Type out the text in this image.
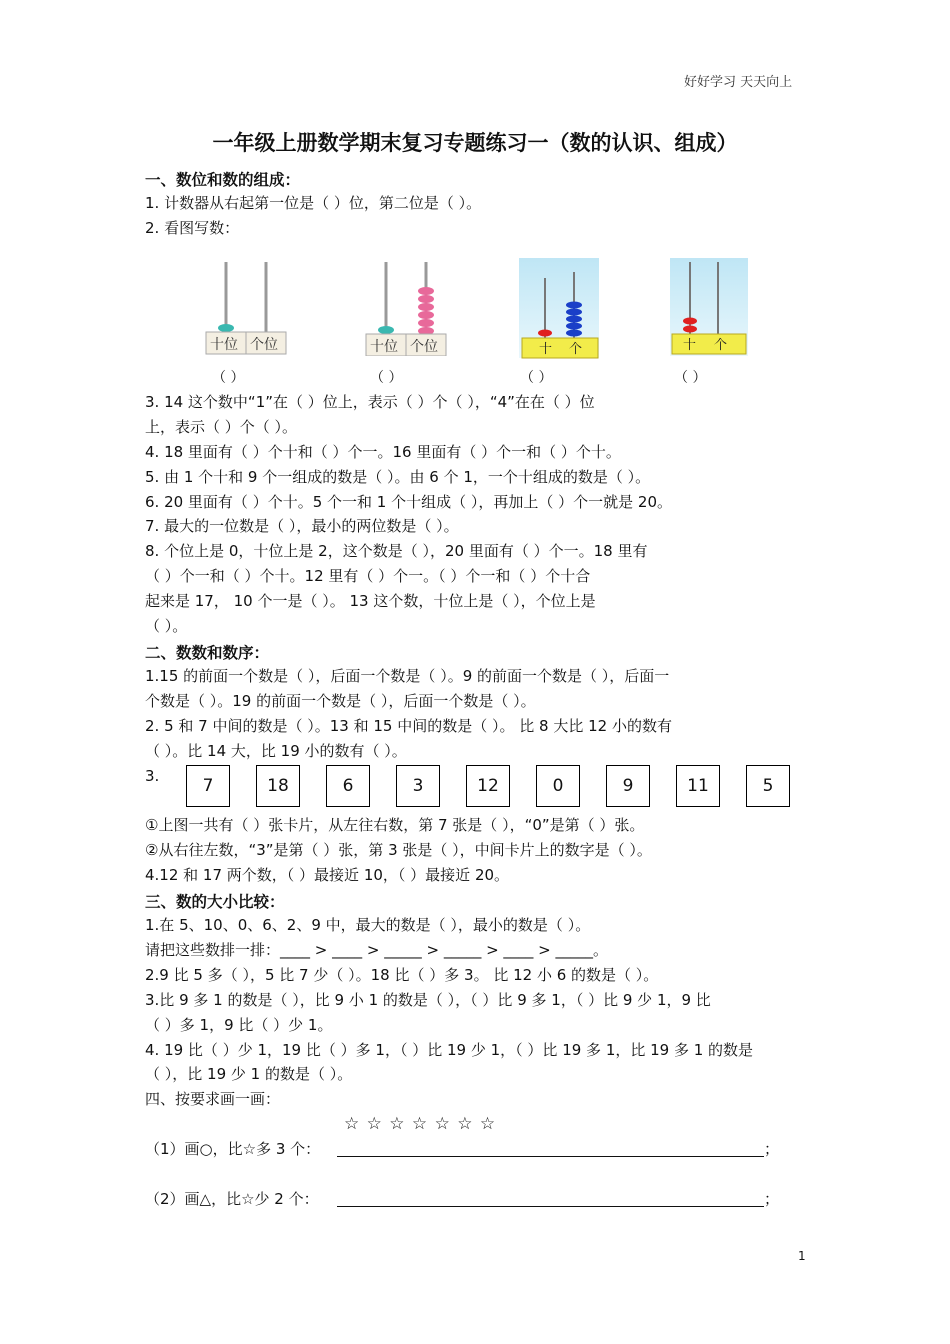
好好学习 天天向上
一年级上册数学期末复习专题练习一（数的认识、组成）
一、数位和数的组成：
1. 计数器从右起第一位是（ ）位，第二位是（ ）。
2. 看图写数：
十位 个位	十位 个位	十 个	十 个
（ ）	（ ）	（ ）	（ ）
3. 14 这个数中“1”在（ ）位上，表示（ ）个（ ），“4”在在（ ）位
上，表示（ ）个（ ）。
4. 18 里面有（ ）个十和（ ）个一。16 里面有（ ）个一和（ ）个十。
5. 由 1 个十和 9 个一组成的数是（ ）。由 6 个 1，一个十组成的数是（ ）。
6. 20 里面有（ ）个十。5 个一和 1 个十组成（ ），再加上（ ）个一就是 20。
7. 最大的一位数是（ ），最小的两位数是（ ）。
8. 个位上是 0，十位上是 2，这个数是（ ），20 里面有（ ）个一。18 里有
（ ）个一和（ ）个十。12 里有（ ）个一。（ ）个一和（ ）个十合
起来是 17， 10 个一是（ ）。 13 这个数，十位上是（ ），个位上是
（ ）。
二、数数和数序：
1.15 的前面一个数是（ ），后面一个数是（ ）。9 的前面一个数是（ ），后面一
个数是（ ）。19 的前面一个数是（ ），后面一个数是（ ）。
2. 5 和 7 中间的数是（ ）。13 和 15 中间的数是（ ）。 比 8 大比 12 小的数有
（ ）。比 14 大，比 19 小的数有（ ）。
3.	7	18	6	3	12	0	9	11	5
①上图一共有（ ）张卡片，从左往右数，第 7 张是（ ），“0”是第（ ）张。
②从右往左数，“3”是第（ ）张，第 3 张是（ ），中间卡片上的数字是（ ）。
4.12 和 17 两个数，（ ）最接近 10，（ ）最接近 20。
三、数的大小比较：
1.在 5、10、0、6、2、9 中，最大的数是（ ），最小的数是（ ）。
请把这些数排一排：____ > ____ > _____ > _____ > ____ > _____。
2.9 比 5 多（ ），5 比 7 少（ ）。18 比（ ）多 3。 比 12 小 6 的数是（ ）。
3.比 9 多 1 的数是（ ），比 9 小 1 的数是（ ），（ ）比 9 多 1，（ ）比 9 少 1，9 比
（ ）多 1，9 比（ ）少 1。
4. 19 比（ ）少 1，19 比（ ）多 1，（ ）比 19 少 1，（ ）比 19 多 1，比 19 多 1 的数是
（ ），比 19 少 1 的数是（ ）。
四、按要求画一画：
☆ ☆ ☆ ☆ ☆ ☆ ☆
（1）画○，比☆多 3 个：	；
（2）画△，比☆少 2 个：	；
1
